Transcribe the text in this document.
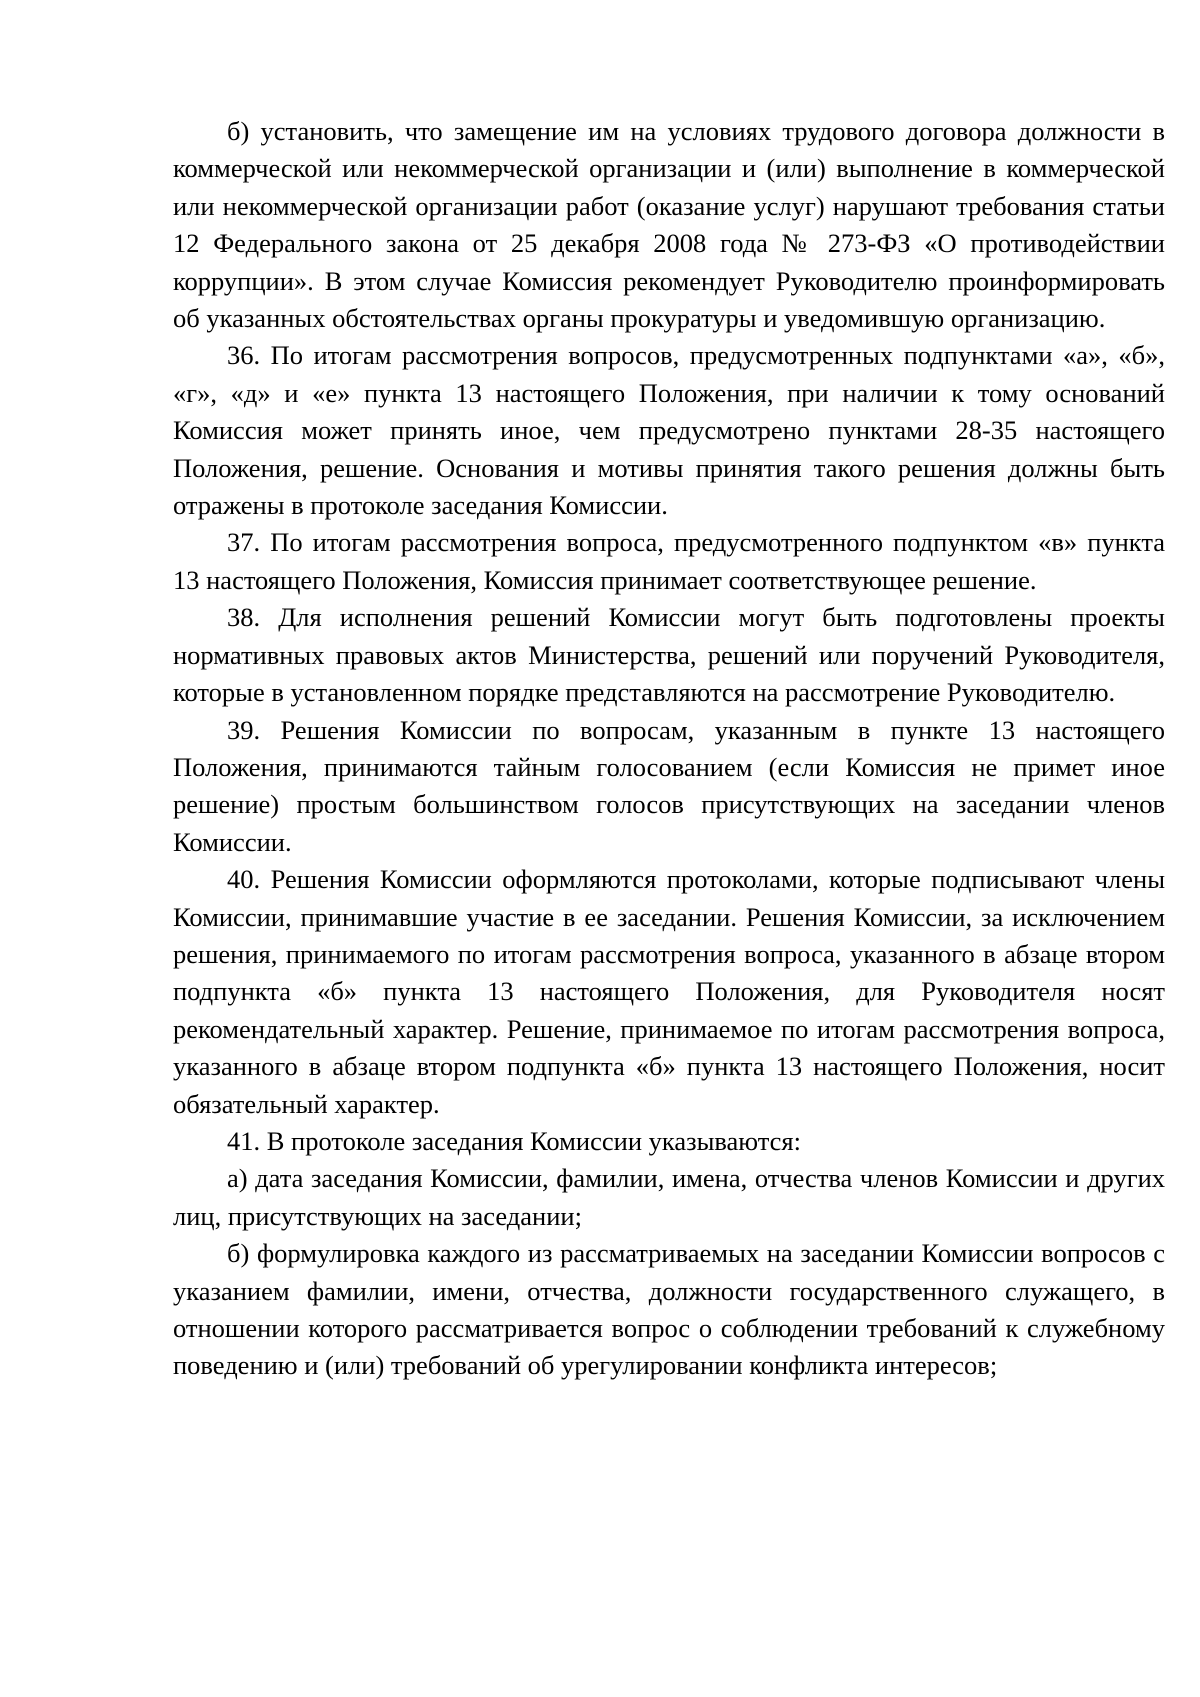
б) установить, что замещение им на условиях трудового договора должности в коммерческой или некоммерческой организации и (или) выполнение в коммерческой или некоммерческой организации работ (оказание услуг) нарушают требования статьи 12 Федерального закона от 25 декабря 2008 года № 273-ФЗ «О противодействии коррупции». В этом случае Комиссия рекомендует Руководителю проинформировать об указанных обстоятельствах органы прокуратуры и уведомившую организацию.

36. По итогам рассмотрения вопросов, предусмотренных подпунктами «а», «б», «г», «д» и «е» пункта 13 настоящего Положения, при наличии к тому оснований Комиссия может принять иное, чем предусмотрено пунктами 28-35 настоящего Положения, решение. Основания и мотивы принятия такого решения должны быть отражены в протоколе заседания Комиссии.

37. По итогам рассмотрения вопроса, предусмотренного подпунктом «в» пункта 13 настоящего Положения, Комиссия принимает соответствующее решение.

38. Для исполнения решений Комиссии могут быть подготовлены проекты нормативных правовых актов Министерства, решений или поручений Руководителя, которые в установленном порядке представляются на рассмотрение Руководителю.

39. Решения Комиссии по вопросам, указанным в пункте 13 настоящего Положения, принимаются тайным голосованием (если Комиссия не примет иное решение) простым большинством голосов присутствующих на заседании членов Комиссии.

40. Решения Комиссии оформляются протоколами, которые подписывают члены Комиссии, принимавшие участие в ее заседании. Решения Комиссии, за исключением решения, принимаемого по итогам рассмотрения вопроса, указанного в абзаце втором подпункта «б» пункта 13 настоящего Положения, для Руководителя носят рекомендательный характер. Решение, принимаемое по итогам рассмотрения вопроса, указанного в абзаце втором подпункта «б» пункта 13 настоящего Положения, носит обязательный характер.

41. В протоколе заседания Комиссии указываются:

а) дата заседания Комиссии, фамилии, имена, отчества членов Комиссии и других лиц, присутствующих на заседании;

б) формулировка каждого из рассматриваемых на заседании Комиссии вопросов с указанием фамилии, имени, отчества, должности государственного служащего, в отношении которого рассматривается вопрос о соблюдении требований к служебному поведению и (или) требований об урегулировании конфликта интересов;
